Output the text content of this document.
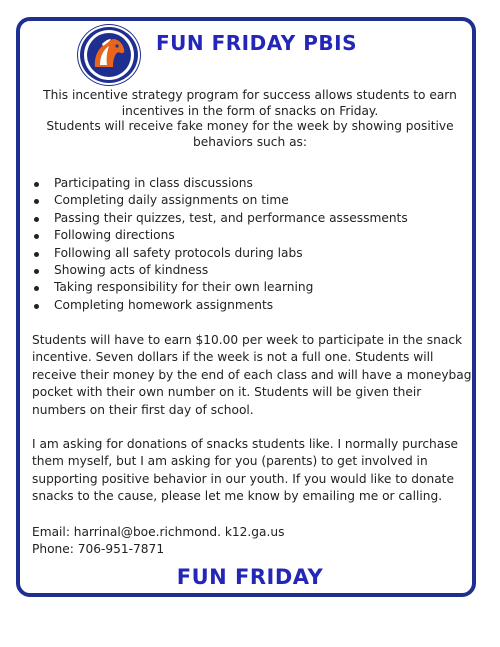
FUN FRIDAY PBIS

This incentive strategy program for success allows students to earn incentives in the form of snacks on Friday.

Students will receive fake money for the week by showing positive behaviors such as:

Participating in class discussions
Completing daily assignments on time
Passing their quizzes, test, and performance assessments
Following directions
Following all safety protocols during labs
Showing acts of kindness
Taking responsibility for their own learning
Completing homework assignments
Students will have to earn $10.00 per week to participate in the snack incentive. Seven dollars if the week is not a full one. Students will receive their money by the end of each class and will have a moneybag
pocket with their own number on it. Students will be given their numbers on their first day of school.

I am asking for donations of snacks students like. I normally purchase them myself, but I am asking for you (parents) to get involved in supporting positive behavior in our youth. If you would like to donate snacks to the cause, please let me know by emailing me or calling.

Email: harrinal@boe.richmond. k12.ga.us
Phone: 706-951-7871
FUN FRIDAY
